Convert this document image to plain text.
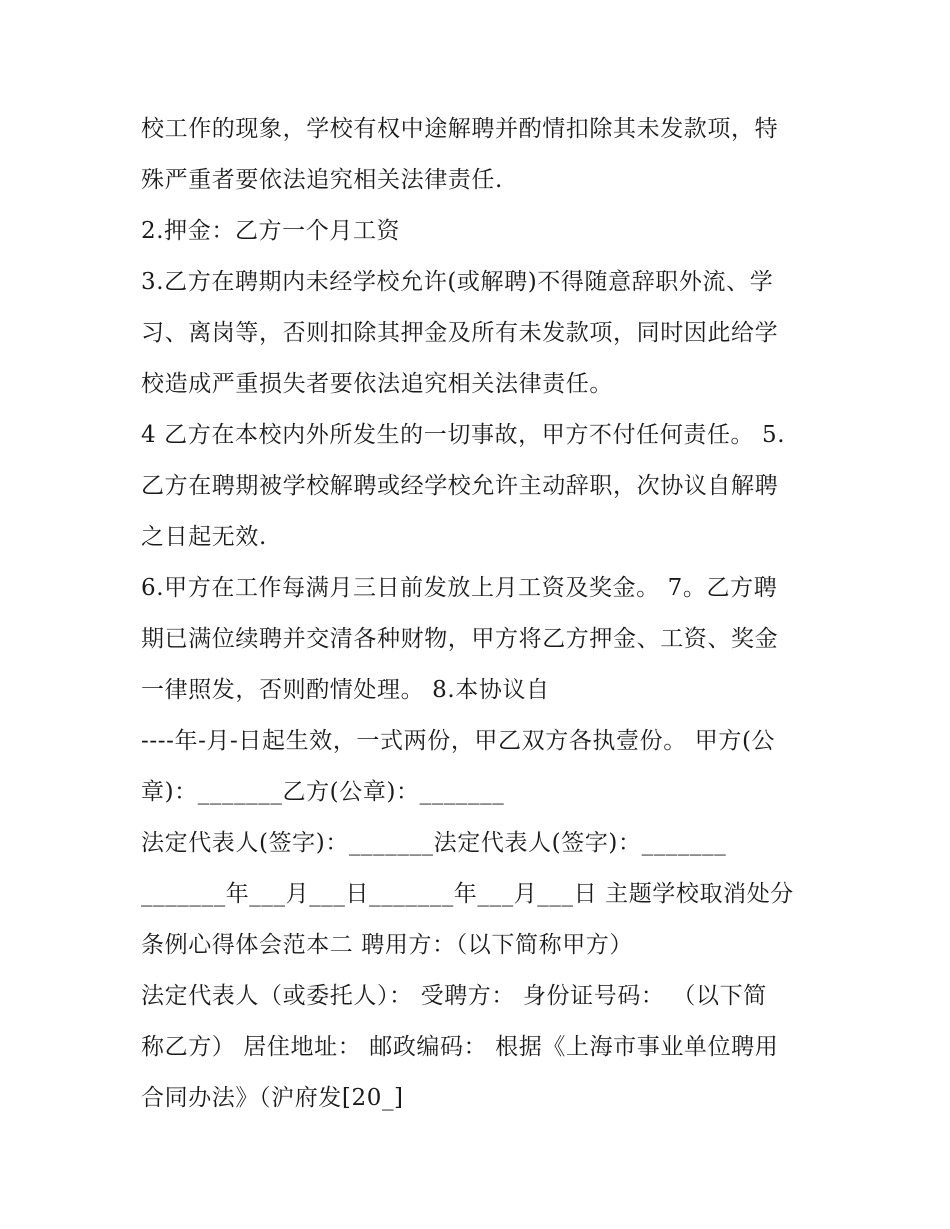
校工作的现象，学校有权中途解聘并酌情扣除其未发款项，特
殊严重者要依法追究相关法律责任.
2.押金：乙方一个月工资
3.乙方在聘期内未经学校允许(或解聘)不得随意辞职外流、学
习、离岗等，否则扣除其押金及所有未发款项，同时因此给学
校造成严重损失者要依法追究相关法律责任。
4 乙方在本校内外所发生的一切事故，甲方不付任何责任。 5.
乙方在聘期被学校解聘或经学校允许主动辞职，次协议自解聘
之日起无效.
6.甲方在工作每满月三日前发放上月工资及奖金。 7。乙方聘
期已满位续聘并交清各种财物，甲方将乙方押金、工资、奖金
一律照发，否则酌情处理。 8.本协议自
----年-月-日起生效，一式两份，甲乙双方各执壹份。 甲方(公
章)：_______乙方(公章)：_______
法定代表人(签字)：_______法定代表人(签字)：_______
_______年___月___日_______年___月___日 主题学校取消处分
条例心得体会范本二 聘用方：（以下简称甲方）
法定代表人（或委托人）： 受聘方： 身份证号码： （以下简
称乙方） 居住地址： 邮政编码： 根据《上海市事业单位聘用
合同办法》（沪府发[20_]
